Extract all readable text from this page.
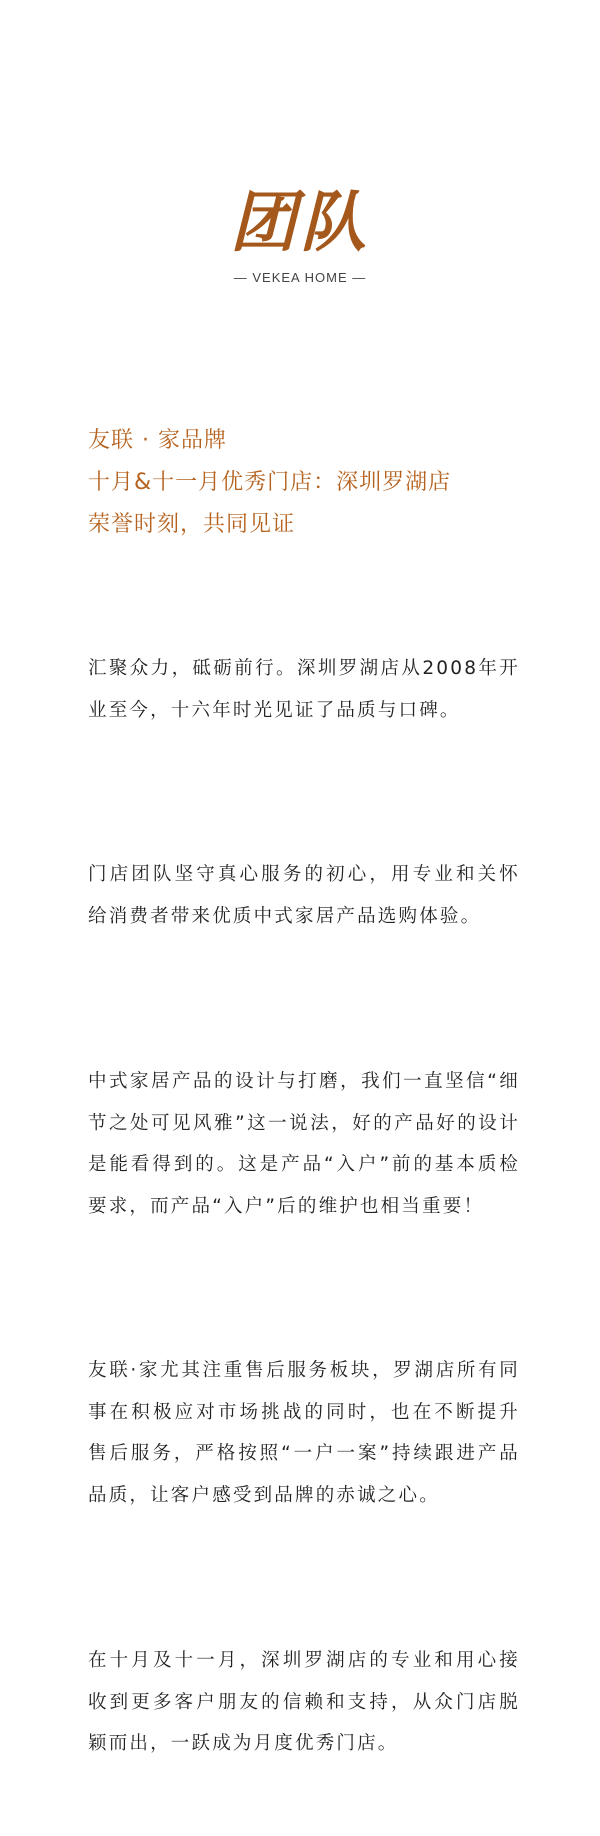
团队
— VEKEA HOME —
友联 · 家品牌
十月&十一月优秀门店：深圳罗湖店
荣誉时刻，共同见证
汇聚众力，砥砺前行。深圳罗湖店从2008年开业至今，十六年时光见证了品质与口碑。
门店团队坚守真心服务的初心，用专业和关怀给消费者带来优质中式家居产品选购体验。
中式家居产品的设计与打磨，我们一直坚信“细节之处可见风雅”这一说法，好的产品好的设计是能看得到的。这是产品“入户”前的基本质检要求，而产品“入户”后的维护也相当重要！
友联·家尤其注重售后服务板块，罗湖店所有同事在积极应对市场挑战的同时，也在不断提升售后服务，严格按照“一户一案”持续跟进产品品质，让客户感受到品牌的赤诚之心。
在十月及十一月，深圳罗湖店的专业和用心接收到更多客户朋友的信赖和支持，从众门店脱颖而出，一跃成为月度优秀门店。
